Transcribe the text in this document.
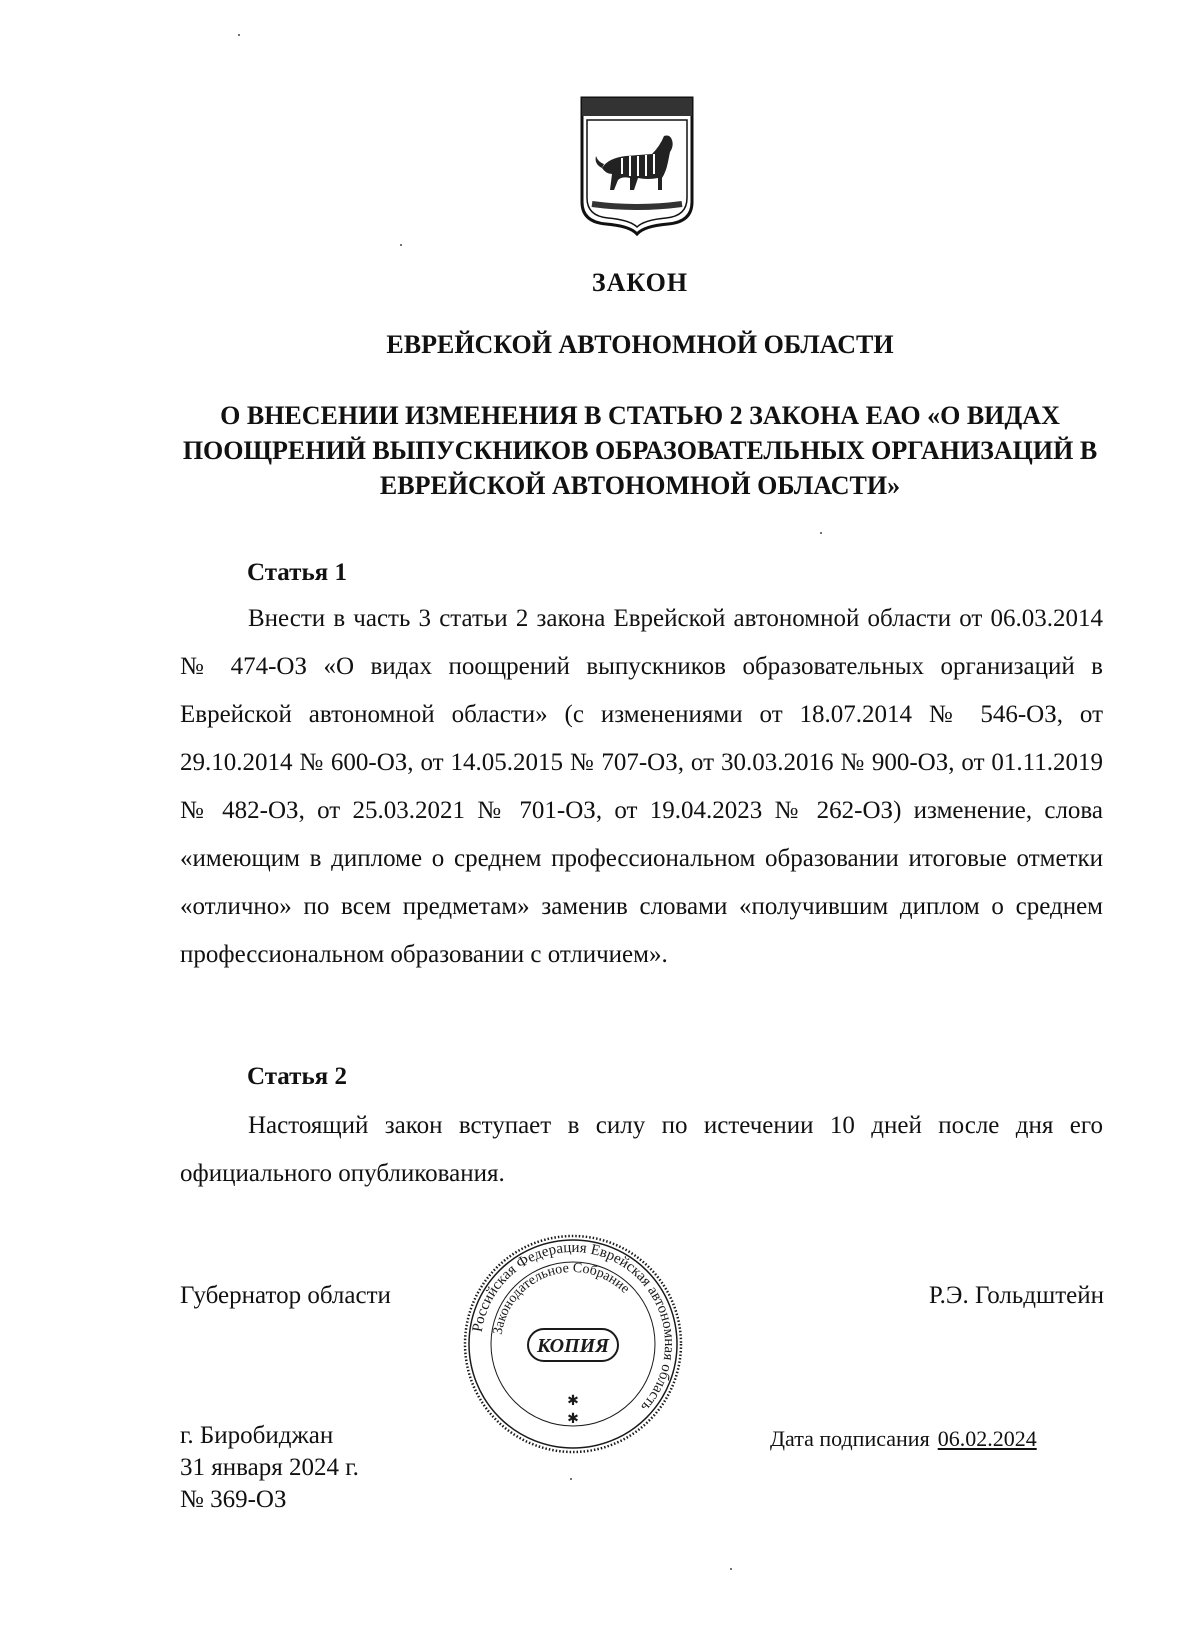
ЗАКОН
ЕВРЕЙСКОЙ АВТОНОМНОЙ ОБЛАСТИ
О ВНЕСЕНИИ ИЗМЕНЕНИЯ В СТАТЬЮ 2 ЗАКОНА ЕАО «О ВИДАХ ПООЩРЕНИЙ ВЫПУСКНИКОВ ОБРАЗОВАТЕЛЬНЫХ ОРГАНИЗАЦИЙ В ЕВРЕЙСКОЙ АВТОНОМНОЙ ОБЛАСТИ»
Статья 1
Внести в часть 3 статьи 2 закона Еврейской автономной области от 06.03.2014 № 474-ОЗ «О видах поощрений выпускников образовательных организаций в Еврейской автономной области» (с изменениями от 18.07.2014 № 546-ОЗ, от 29.10.2014 № 600-ОЗ, от 14.05.2015 № 707-ОЗ, от 30.03.2016 № 900-ОЗ, от 01.11.2019 № 482-ОЗ, от 25.03.2021 № 701-ОЗ, от 19.04.2023 № 262-ОЗ) изменение, слова «имеющим в дипломе о среднем профессиональном образовании итоговые отметки «отлично» по всем предметам» заменив словами «получившим диплом о среднем профессиональном образовании с отличием».
Статья 2
Настоящий закон вступает в силу по истечении 10 дней после дня его официального опубликования.
Губернатор области	Р.Э. Гольдштейн
Российская Федерация Еврейская автономная область
Законодательное Собрание
КОПИЯ
✱
✱
г. Биробиджан
31 января 2024 г.
№ 369-ОЗ
Дата подписания 06.02.2024
